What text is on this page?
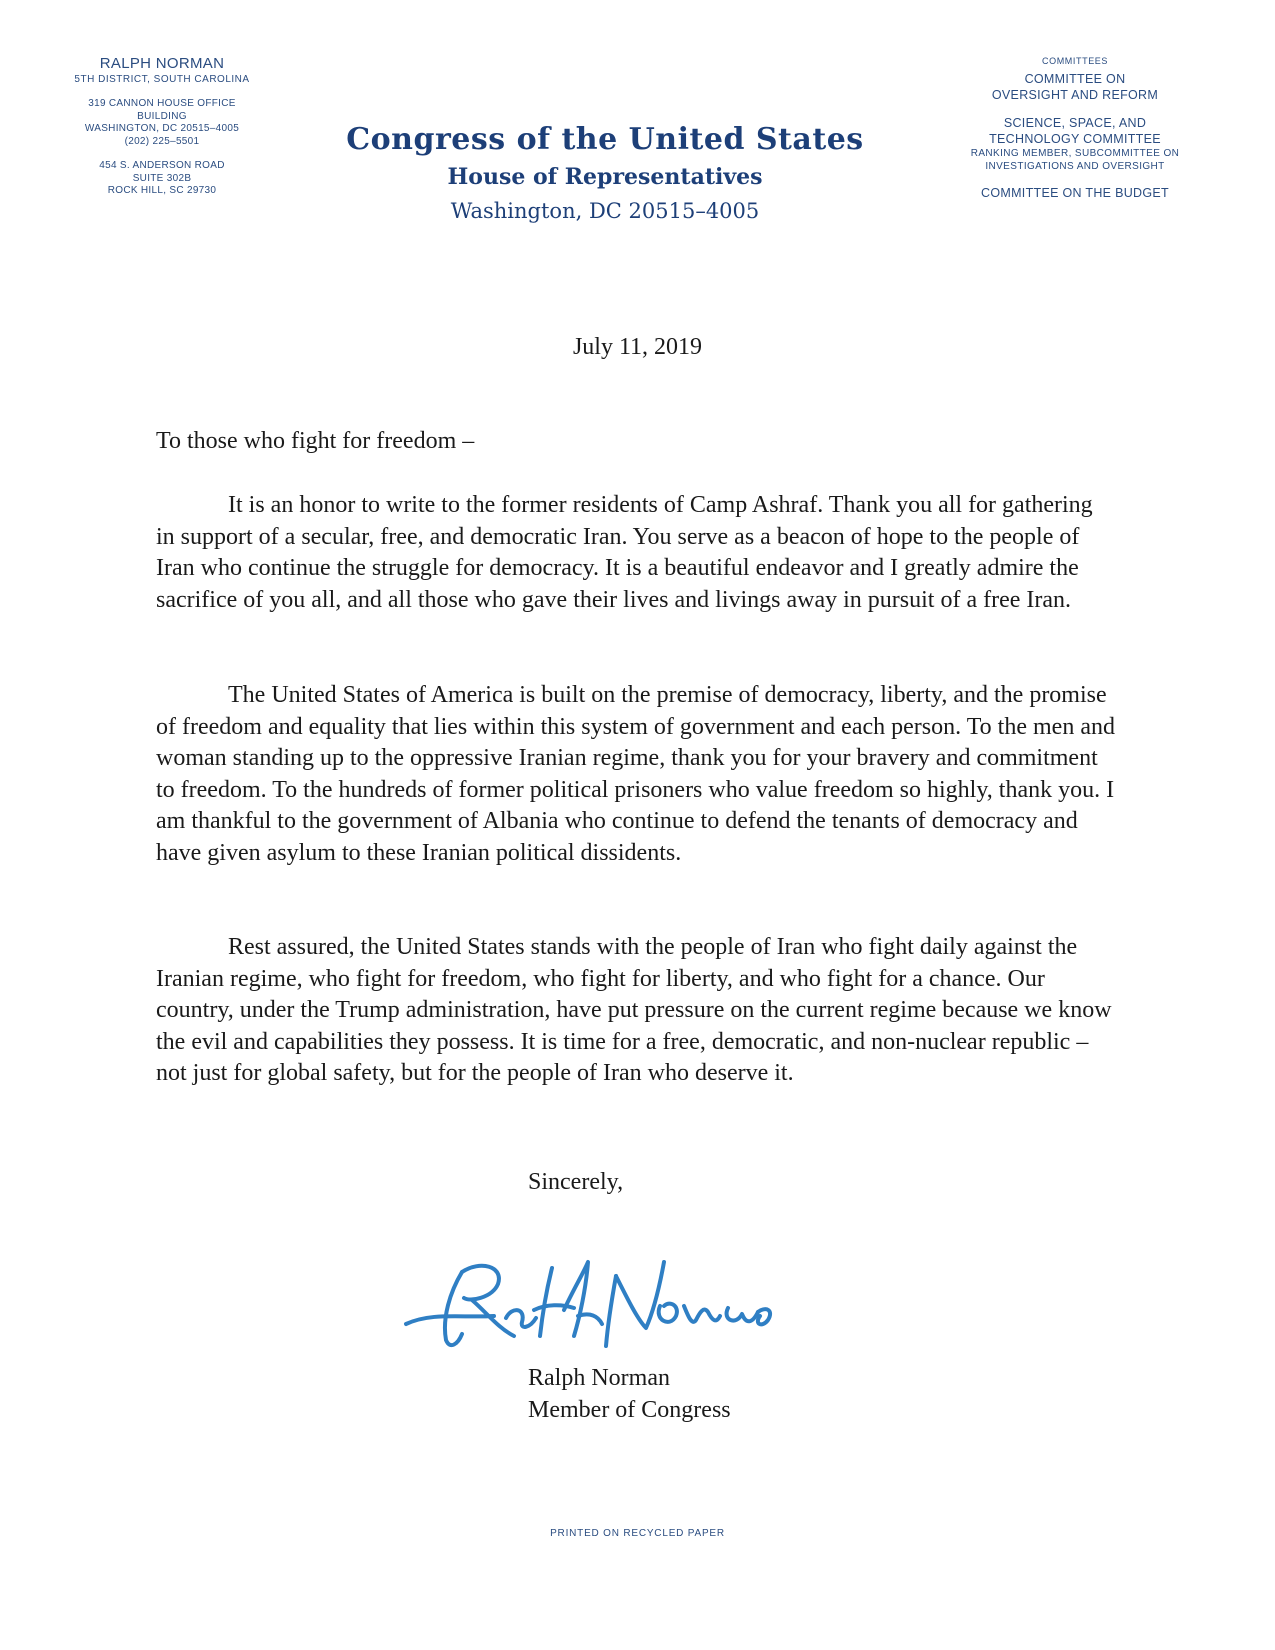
RALPH NORMAN
5TH DISTRICT, SOUTH CAROLINA
319 CANNON HOUSE OFFICE BUILDING
WASHINGTON, DC 20515–4005
(202) 225–5501
454 S. ANDERSON ROAD
SUITE 302B
ROCK HILL, SC 29730
Congress of the United States
House of Representatives
Washington, DC 20515–4005
COMMITTEES
COMMITTEE ON
OVERSIGHT AND REFORM
SCIENCE, SPACE, AND
TECHNOLOGY COMMITTEE
RANKING MEMBER, SUBCOMMITTEE ON
INVESTIGATIONS AND OVERSIGHT
COMMITTEE ON THE BUDGET
July 11, 2019
To those who fight for freedom –

It is an honor to write to the former residents of Camp Ashraf. Thank you all for gathering in support of a secular, free, and democratic Iran. You serve as a beacon of hope to the people of Iran who continue the struggle for democracy. It is a beautiful endeavor and I greatly admire the sacrifice of you all, and all those who gave their lives and livings away in pursuit of a free Iran.

The United States of America is built on the premise of democracy, liberty, and the promise of freedom and equality that lies within this system of government and each person. To the men and woman standing up to the oppressive Iranian regime, thank you for your bravery and commitment to freedom. To the hundreds of former political prisoners who value freedom so highly, thank you. I am thankful to the government of Albania who continue to defend the tenants of democracy and have given asylum to these Iranian political dissidents.

Rest assured, the United States stands with the people of Iran who fight daily against the Iranian regime, who fight for freedom, who fight for liberty, and who fight for a chance. Our country, under the Trump administration, have put pressure on the current regime because we know the evil and capabilities they possess. It is time for a free, democratic, and non-nuclear republic – not just for global safety, but for the people of Iran who deserve it.

Sincerely,
Ralph Norman
Member of Congress
PRINTED ON RECYCLED PAPER
